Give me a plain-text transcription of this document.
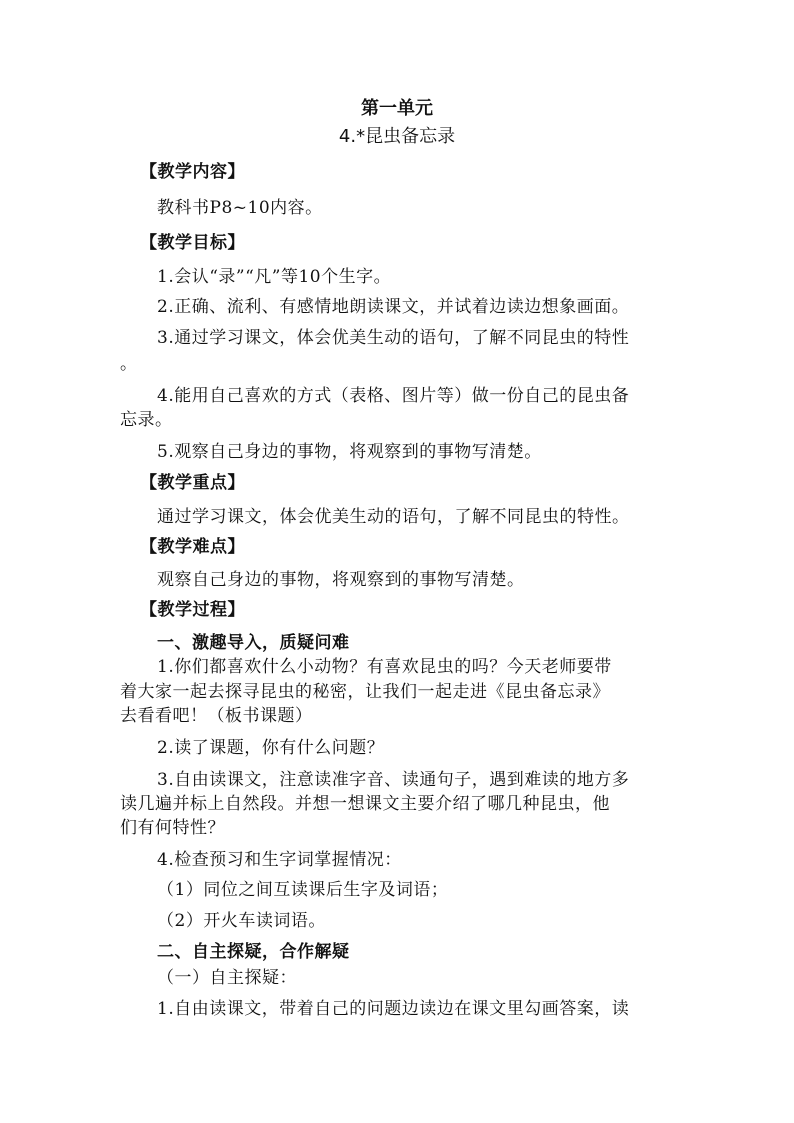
第一单元
4.*昆虫备忘录
【教学内容】
教科书P8~10内容。
【教学目标】
1.会认“录”“凡”等10个生字。
2.正确、流利、有感情地朗读课文，并试着边读边想象画面。
3.通过学习课文，体会优美生动的语句，了解不同昆虫的特性
。
4.能用自己喜欢的方式（表格、图片等）做一份自己的昆虫备
忘录。
5.观察自己身边的事物，将观察到的事物写清楚。
【教学重点】
通过学习课文，体会优美生动的语句，了解不同昆虫的特性。
【教学难点】
观察自己身边的事物，将观察到的事物写清楚。
【教学过程】
一、激趣导入，质疑问难
1.你们都喜欢什么小动物？有喜欢昆虫的吗？今天老师要带
着大家一起去探寻昆虫的秘密，让我们一起走进《昆虫备忘录》
去看看吧！（板书课题）
2.读了课题，你有什么问题？
3.自由读课文，注意读准字音、读通句子，遇到难读的地方多
读几遍并标上自然段。并想一想课文主要介绍了哪几种昆虫，他
们有何特性？
4.检查预习和生字词掌握情况：
（1）同位之间互读课后生字及词语；
（2）开火车读词语。
二、自主探疑，合作解疑
（一）自主探疑：
1.自由读课文，带着自己的问题边读边在课文里勾画答案，读
